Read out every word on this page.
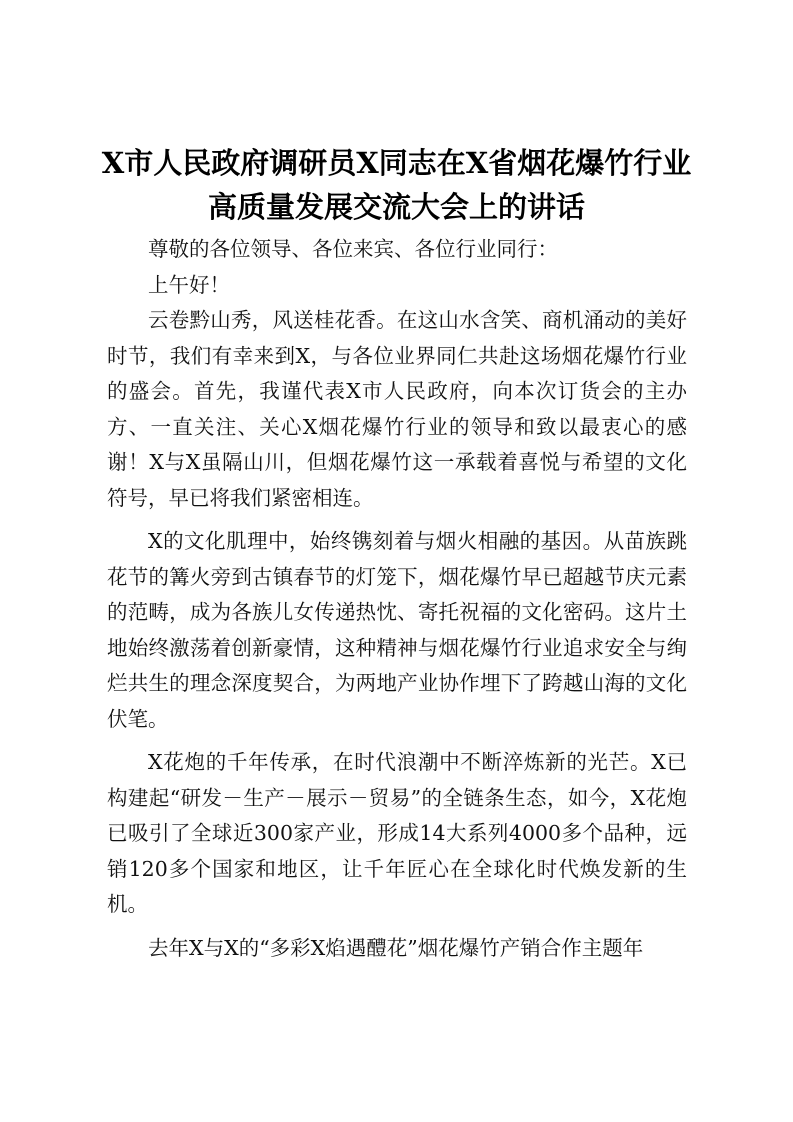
X市人民政府调研员X同志在X省烟花爆竹行业高质量发展交流大会上的讲话

尊敬的各位领导、各位来宾、各位行业同行：

上午好！

云卷黔山秀，风送桂花香。在这山水含笑、商机涌动的美好时节，我们有幸来到X，与各位业界同仁共赴这场烟花爆竹行业的盛会。首先，我谨代表X市人民政府，向本次订货会的主办方、一直关注、关心X烟花爆竹行业的领导和致以最衷心的感谢！X与X虽隔山川，但烟花爆竹这一承载着喜悦与希望的文化符号，早已将我们紧密相连。

X的文化肌理中，始终镌刻着与烟火相融的基因。从苗族跳花节的篝火旁到古镇春节的灯笼下，烟花爆竹早已超越节庆元素的范畴，成为各族儿女传递热忱、寄托祝福的文化密码。这片土地始终激荡着创新豪情，这种精神与烟花爆竹行业追求安全与绚烂共生的理念深度契合，为两地产业协作埋下了跨越山海的文化伏笔。

X花炮的千年传承，在时代浪潮中不断淬炼新的光芒。X已构建起“研发－生产－展示－贸易”的全链条生态，如今，X花炮已吸引了全球近300家产业，形成14大系列4000多个品种，远销120多个国家和地区，让千年匠心在全球化时代焕发新的生机。

去年X与X的“多彩X焰遇醴花”烟花爆竹产销合作主题年
